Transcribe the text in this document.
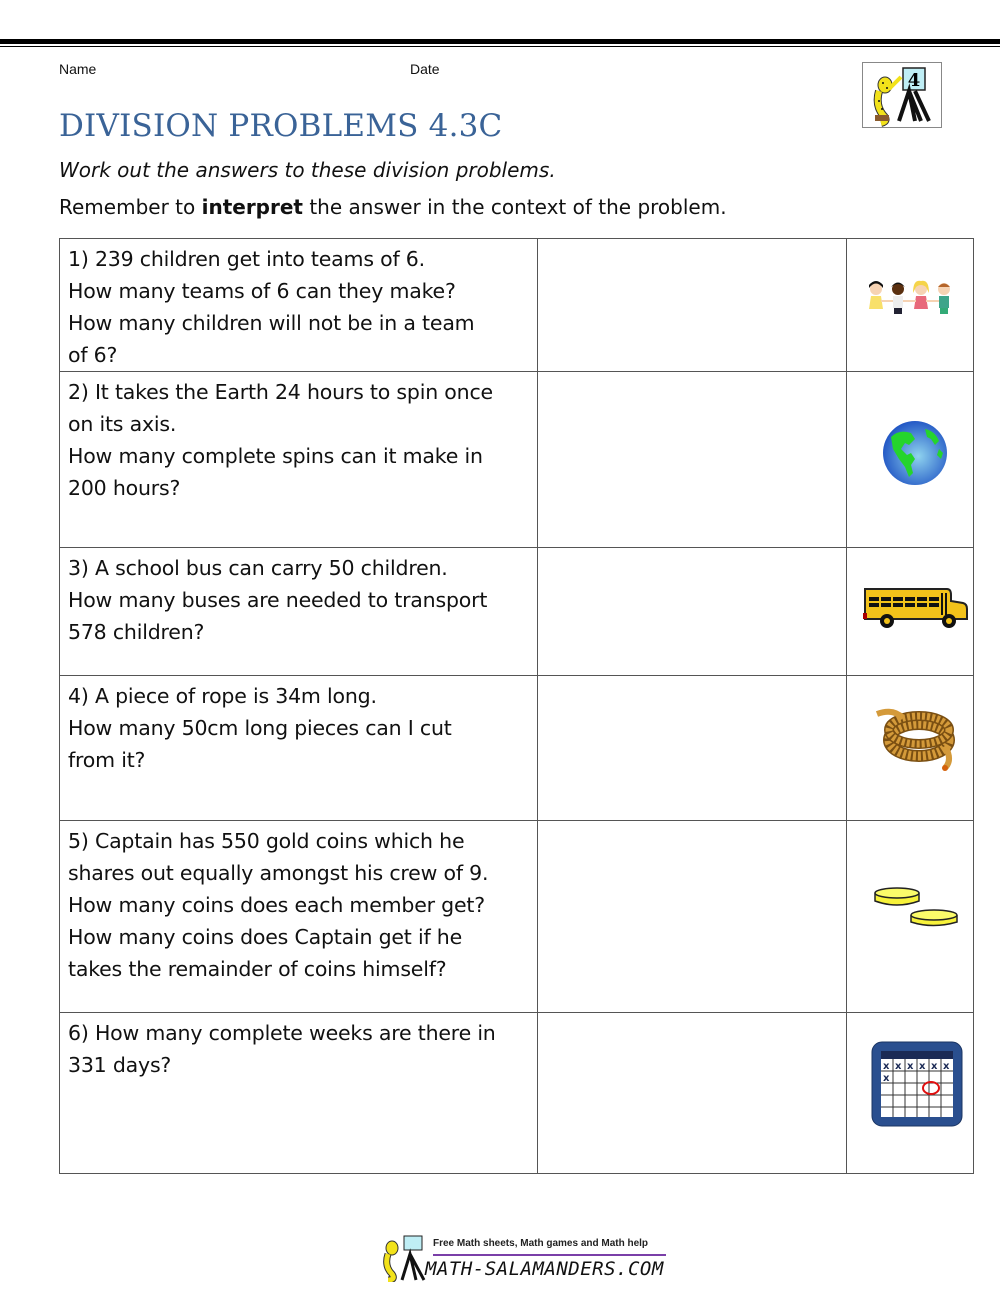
Name	Date
4
DIVISION PROBLEMS 4.3C
Work out the answers to these division problems.
Remember to interpret the answer in the context of the problem.
1) 239 children get into teams of 6.
How many teams of 6 can they make?
How many children will not be in a team
of 6?

2) It takes the Earth 24 hours to spin once
on its axis.
How many complete spins can it make in
200 hours?

3) A school bus can carry 50 children.
How many buses are needed to transport
578 children?

4) A piece of rope is 34m long.
How many 50cm long pieces can I cut
from it?

5) Captain has 550 gold coins which he
shares out equally amongst his crew of 9.
How many coins does each member get?
How many coins does Captain get if he
takes the remainder of coins himself?

6) How many complete weeks are there in
331 days?		x x x x x x
x
Free Math sheets, Math games and Math help
MATH-SALAMANDERS.COM
